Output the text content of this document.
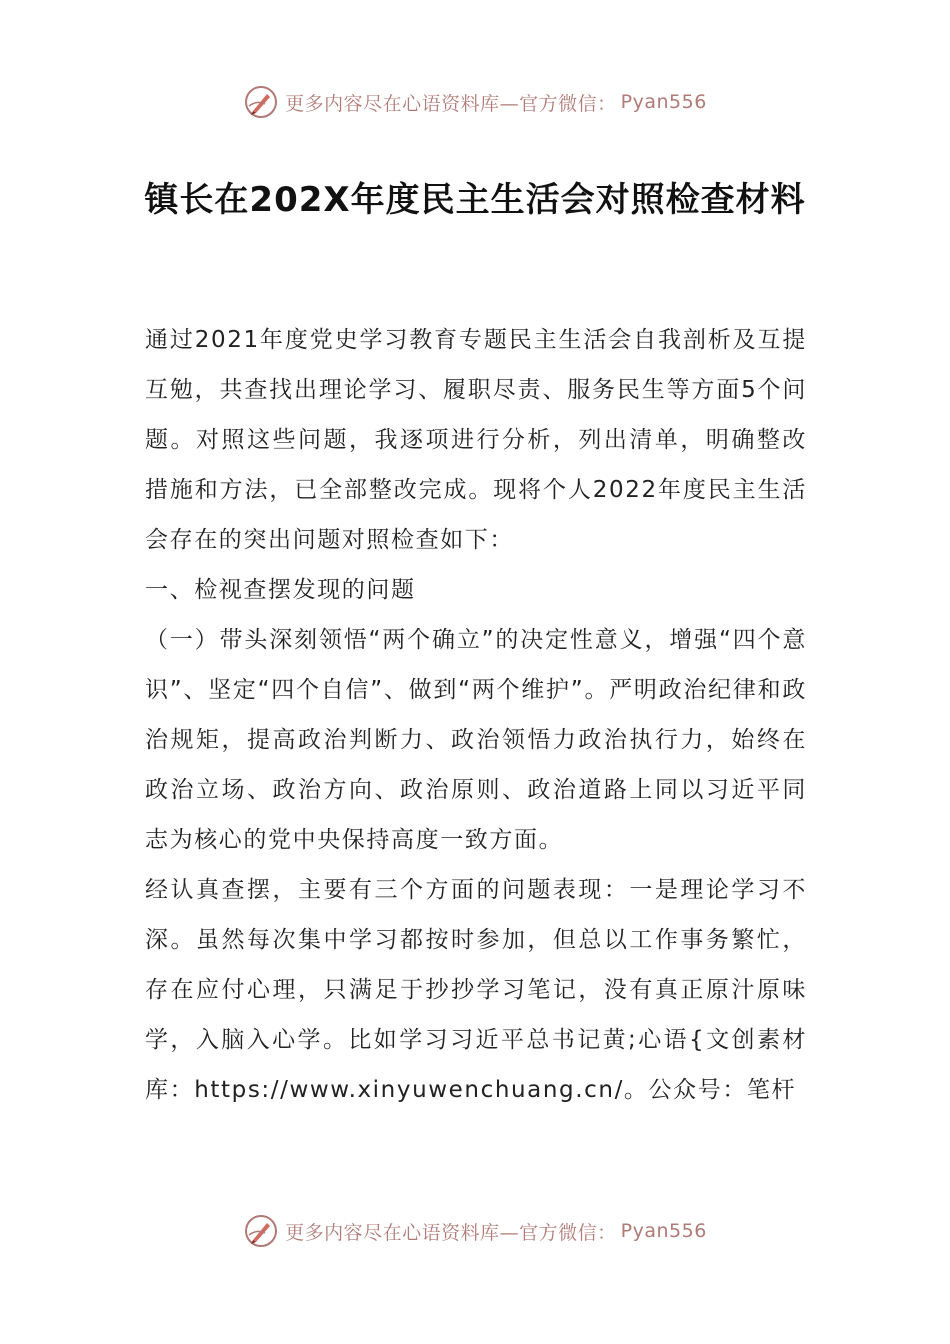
更多内容尽在心语资料库—官方微信： Pyan556
镇长在202X年度民主生活会对照检查材料

通过2021年度党史学习教育专题民主生活会自我剖析及互提互勉，共查找出理论学习、履职尽责、服务民生等方面5个问题。对照这些问题，我逐项进行分析，列出清单，明确整改措施和方法，已全部整改完成。现将个人2022年度民主生活会存在的突出问题对照检查如下：

一、检视查摆发现的问题

（一）带头深刻领悟“两个确立”的决定性意义，增强“四个意识”、坚定“四个自信”、做到“两个维护”。严明政治纪律和政治规矩，提高政治判断力、政治领悟力政治执行力，始终在政治立场、政治方向、政治原则、政治道路上同以习近平同志为核心的党中央保持高度一致方面。

经认真查摆，主要有三个方面的问题表现：一是理论学习不深。虽然每次集中学习都按时参加，但总以工作事务繁忙，存在应付心理，只满足于抄抄学习笔记，没有真正原汁原味学，入脑入心学。比如学习习近平总书记黄;心语{文创素材库：https://www.xinyuwenchuang.cn/。公众号：笔杆

更多内容尽在心语资料库—官方微信： Pyan556
